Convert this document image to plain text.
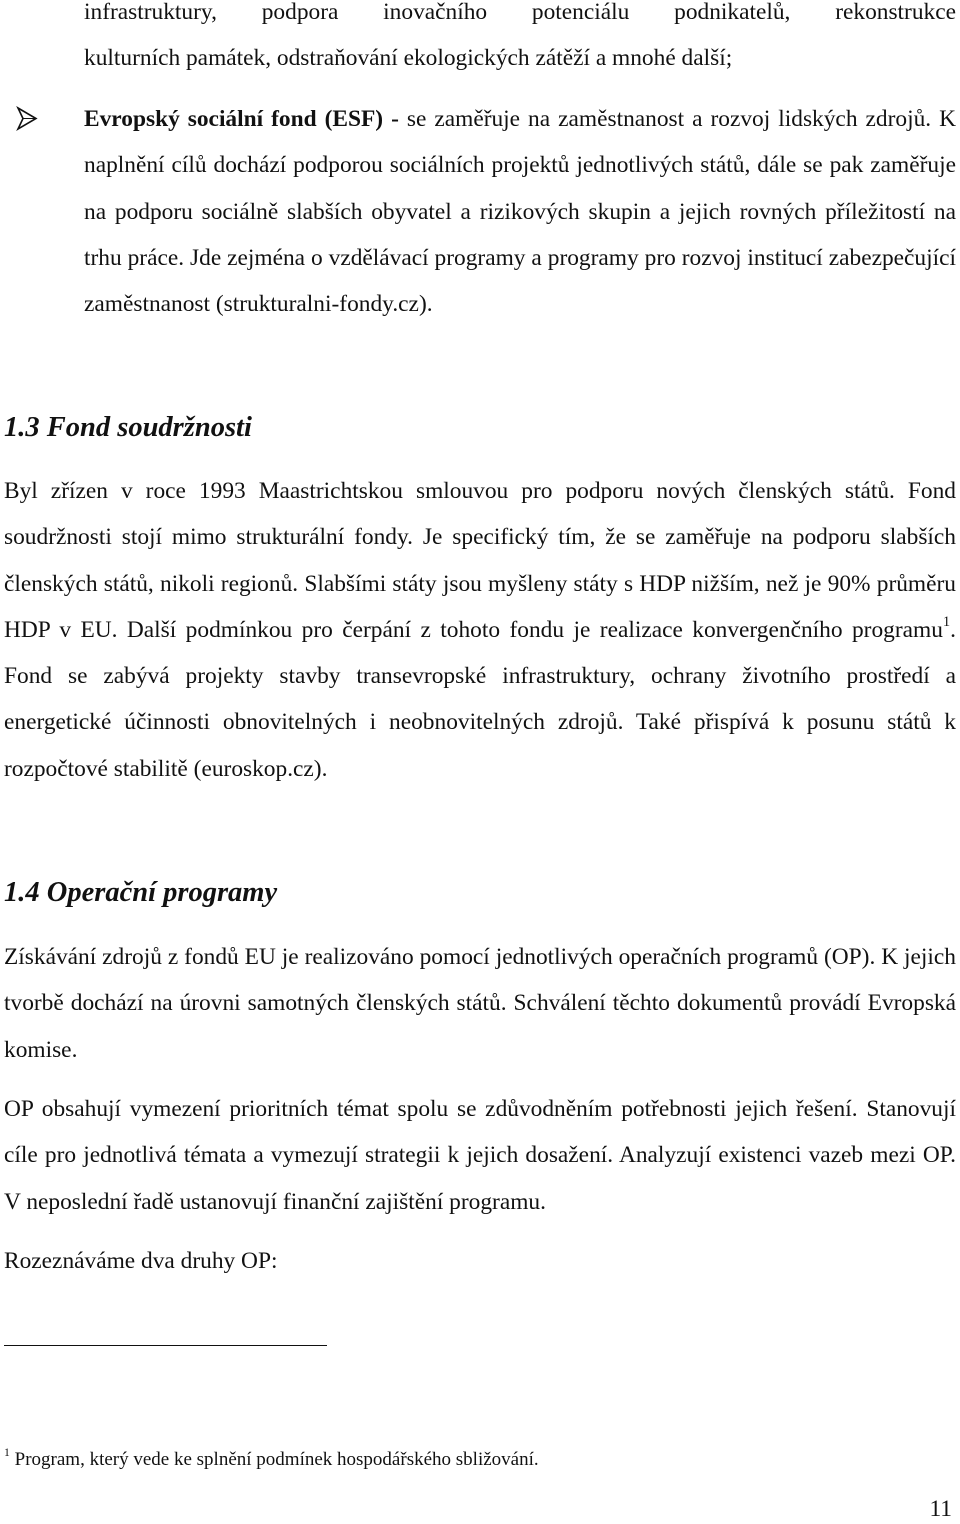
infrastruktury, podpora inovačního potenciálu podnikatelů, rekonstrukce
kulturních památek, odstraňování ekologických zátěží a mnohé další;

Evropský sociální fond (ESF) - se zaměřuje na zaměstnanost a rozvoj lidských zdrojů. K naplnění cílů dochází podporou sociálních projektů jednotlivých států, dále se pak zaměřuje na podporu sociálně slabších obyvatel a rizikových skupin a jejich rovných příležitostí na trhu práce. Jde zejména o vzdělávací programy a programy pro rozvoj institucí zabezpečující zaměstnanost (strukturalni-fondy.cz).

1.3 Fond soudržnosti

Byl zřízen v roce 1993 Maastrichtskou smlouvou pro podporu nových členských států. Fond soudržnosti stojí mimo strukturální fondy. Je specifický tím, že se zaměřuje na podporu slabších členských států, nikoli regionů. Slabšími státy jsou myšleny státy s HDP nižším, než je 90% průměru HDP v EU. Další podmínkou pro čerpání z tohoto fondu je realizace konvergenčního programu$^1$. Fond se zabývá projekty stavby transevropské infrastruktury, ochrany životního prostředí a energetické účinnosti obnovitelných i neobnovitelných zdrojů. Také přispívá k posunu států k rozpočtové stabilitě (euroskop.cz).

1.4 Operační programy

Získávání zdrojů z fondů EU je realizováno pomocí jednotlivých operačních programů (OP). K jejich tvorbě dochází na úrovni samotných členských států. Schválení těchto dokumentů provádí Evropská komise.

OP obsahují vymezení prioritních témat spolu se zdůvodněním potřebnosti jejich řešení. Stanovují cíle pro jednotlivá témata a vymezují strategii k jejich dosažení. Analyzují existenci vazeb mezi OP. V neposlední řadě ustanovují finanční zajištění programu.

Rozeznáváme dva druhy OP:

$^1$ Program, který vede ke splnění podmínek hospodářského sbližování.

11
